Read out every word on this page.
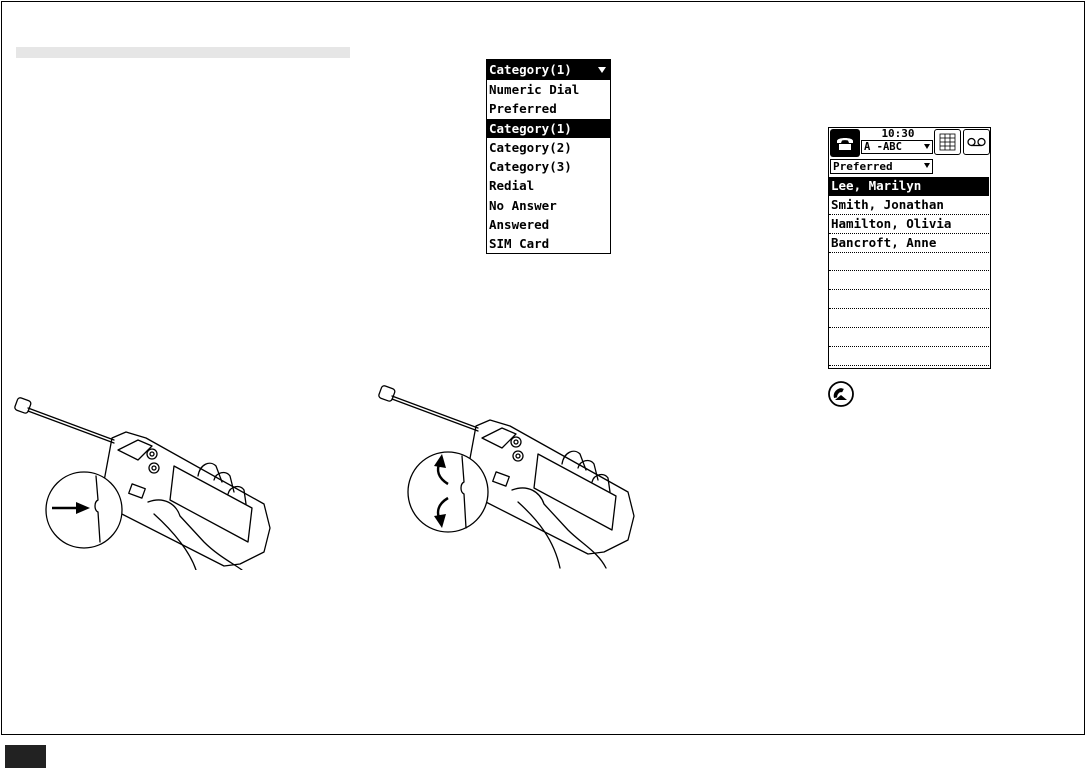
Category(1)
Numeric Dial
Preferred
Category(1)
Category(2)
Category(3)
Redial
No Answer
Answered
SIM Card
10:30
A -ABC
Preferred
Lee, Marilyn
Smith, Jonathan
Hamilton, Olivia
Bancroft, Anne
